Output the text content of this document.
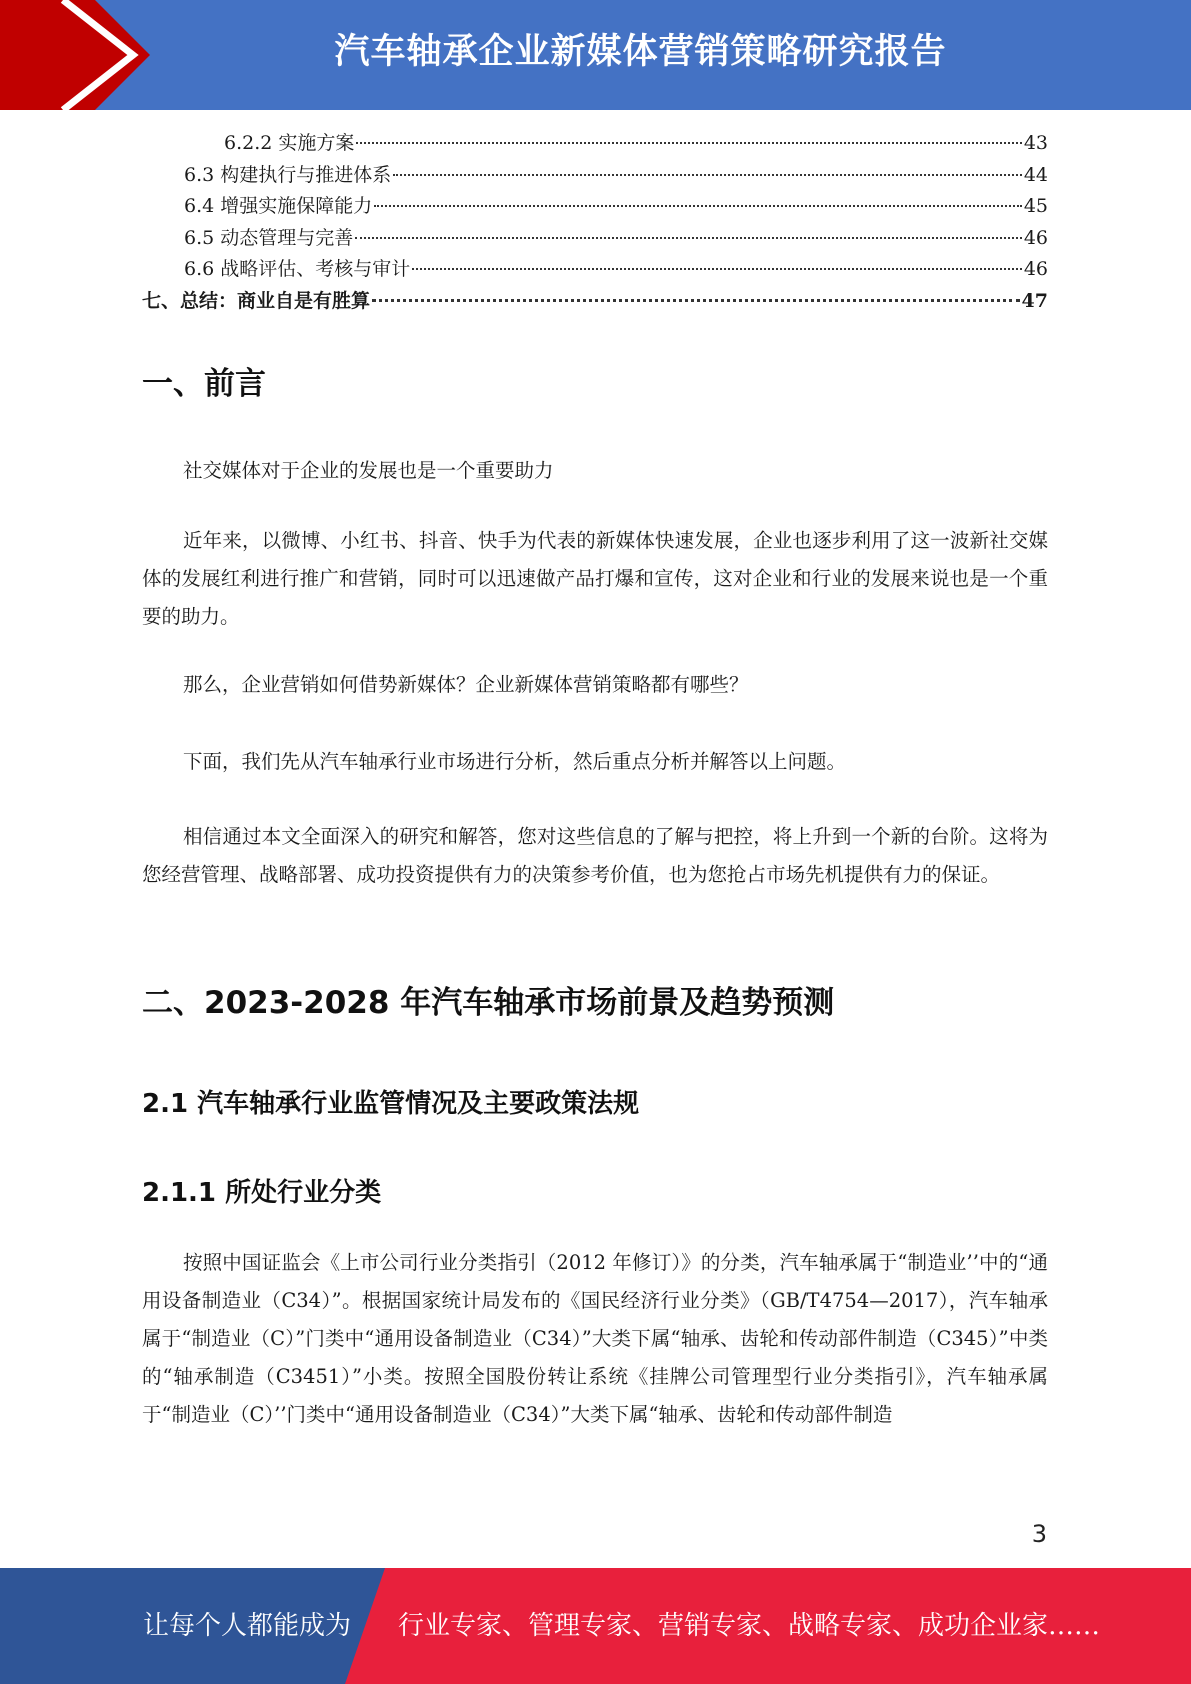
汽车轴承企业新媒体营销策略研究报告
6.2.2 实施方案	43
6.3 构建执行与推进体系	44
6.4 增强实施保障能力	45
6.5 动态管理与完善	46
6.6 战略评估、考核与审计	46
七、总结：商业自是有胜算	47
一、前言

社交媒体对于企业的发展也是一个重要助力

近年来，以微博、小红书、抖音、快手为代表的新媒体快速发展，企业也逐步利用了这一波新社交媒体的发展红利进行推广和营销，同时可以迅速做产品打爆和宣传，这对企业和行业的发展来说也是一个重要的助力。

那么，企业营销如何借势新媒体？企业新媒体营销策略都有哪些？

下面，我们先从汽车轴承行业市场进行分析，然后重点分析并解答以上问题。

相信通过本文全面深入的研究和解答，您对这些信息的了解与把控，将上升到一个新的台阶。这将为您经营管理、战略部署、成功投资提供有力的决策参考价值，也为您抢占市场先机提供有力的保证。

二、2023-2028 年汽车轴承市场前景及趋势预测
2.1 汽车轴承行业监管情况及主要政策法规
2.1.1 所处行业分类

按照中国证监会《上市公司行业分类指引（2012 年修订）》的分类，汽车轴承属于“制造业’’中的“通用设备制造业（C34）”。根据国家统计局发布的《国民经济行业分类》（GB/T4754—2017），汽车轴承属于“制造业（C）”门类中“通用设备制造业（C34）”大类下属“轴承、齿轮和传动部件制造（C345）”中类的“轴承制造（C3451）”小类。按照全国股份转让系统《挂牌公司管理型行业分类指引》，汽车轴承属于“制造业（C）’’门类中“通用设备制造业（C34）”大类下属“轴承、齿轮和传动部件制造

3
让每个人都能成为 行业专家、管理专家、营销专家、战略专家、成功企业家……
